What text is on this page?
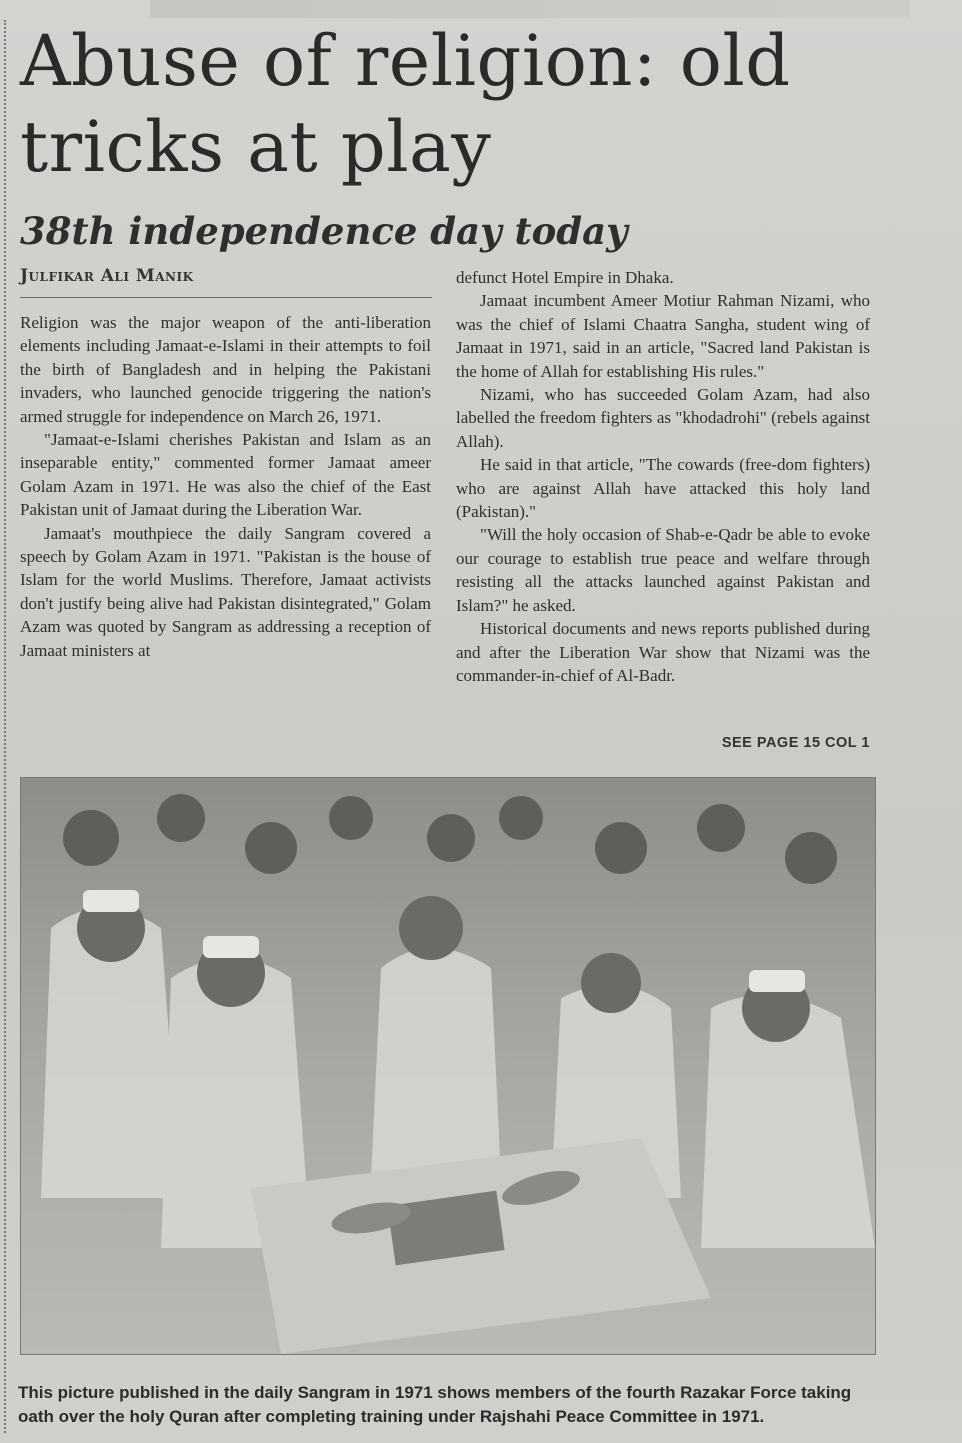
Abuse of religion: old tricks at play
38th independence day today
Julfikar Ali Manik

Religion was the major weapon of the anti-liberation elements including Jamaat-e-Islami in their attempts to foil the birth of Bangladesh and in helping the Pakistani invaders, who launched genocide triggering the nation's armed struggle for independence on March 26, 1971.

"Jamaat-e-Islami cherishes Pakistan and Islam as an inseparable entity," commented former Jamaat ameer Golam Azam in 1971. He was also the chief of the East Pakistan unit of Jamaat during the Liberation War.

Jamaat's mouthpiece the daily Sangram covered a speech by Golam Azam in 1971. "Pakistan is the house of Islam for the world Muslims. Therefore, Jamaat activists don't justify being alive had Pakistan disintegrated," Golam Azam was quoted by Sangram as addressing a reception of Jamaat ministers at

defunct Hotel Empire in Dhaka.

Jamaat incumbent Ameer Motiur Rahman Nizami, who was the chief of Islami Chaatra Sangha, student wing of Jamaat in 1971, said in an article, "Sacred land Pakistan is the home of Allah for establishing His rules."

Nizami, who has succeeded Golam Azam, had also labelled the freedom fighters as "khodadrohi" (rebels against Allah).

He said in that article, "The cowards (free-dom fighters) who are against Allah have attacked this holy land (Pakistan)."

"Will the holy occasion of Shab-e-Qadr be able to evoke our courage to establish true peace and welfare through resisting all the attacks launched against Pakistan and Islam?" he asked.

Historical documents and news reports published during and after the Liberation War show that Nizami was the commander-in-chief of Al-Badr.

SEE PAGE 15 COL 1

This picture published in the daily Sangram in 1971 shows members of the fourth Razakar Force taking oath over the holy Quran after completing training under Rajshahi Peace Committee in 1971.
